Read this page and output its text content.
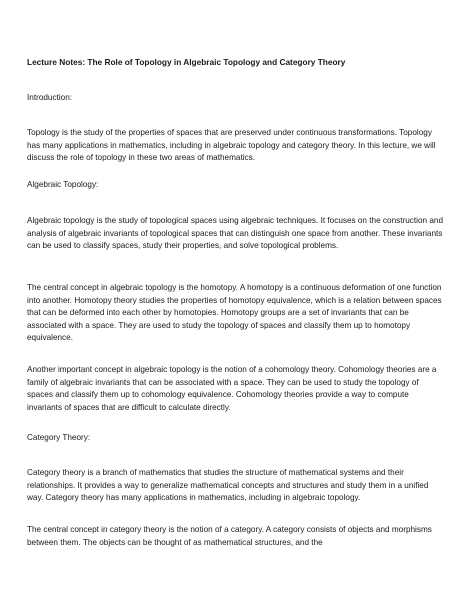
Lecture Notes: The Role of Topology in Algebraic Topology and Category Theory

Introduction:

Topology is the study of the properties of spaces that are preserved under continuous transformations. Topology has many applications in mathematics, including in algebraic topology and category theory. In this lecture, we will discuss the role of topology in these two areas of mathematics.

Algebraic Topology:

Algebraic topology is the study of topological spaces using algebraic techniques. It focuses on the construction and analysis of algebraic invariants of topological spaces that can distinguish one space from another. These invariants can be used to classify spaces, study their properties, and solve topological problems.

The central concept in algebraic topology is the homotopy. A homotopy is a continuous deformation of one function into another. Homotopy theory studies the properties of homotopy equivalence, which is a relation between spaces that can be deformed into each other by homotopies. Homotopy groups are a set of invariants that can be associated with a space. They are used to study the topology of spaces and classify them up to homotopy equivalence.

Another important concept in algebraic topology is the notion of a cohomology theory. Cohomology theories are a family of algebraic invariants that can be associated with a space. They can be used to study the topology of spaces and classify them up to cohomology equivalence. Cohomology theories provide a way to compute invariants of spaces that are difficult to calculate directly.

Category Theory:

Category theory is a branch of mathematics that studies the structure of mathematical systems and their relationships. It provides a way to generalize mathematical concepts and structures and study them in a unified way. Category theory has many applications in mathematics, including in algebraic topology.

The central concept in category theory is the notion of a category. A category consists of objects and morphisms between them. The objects can be thought of as mathematical structures, and the
